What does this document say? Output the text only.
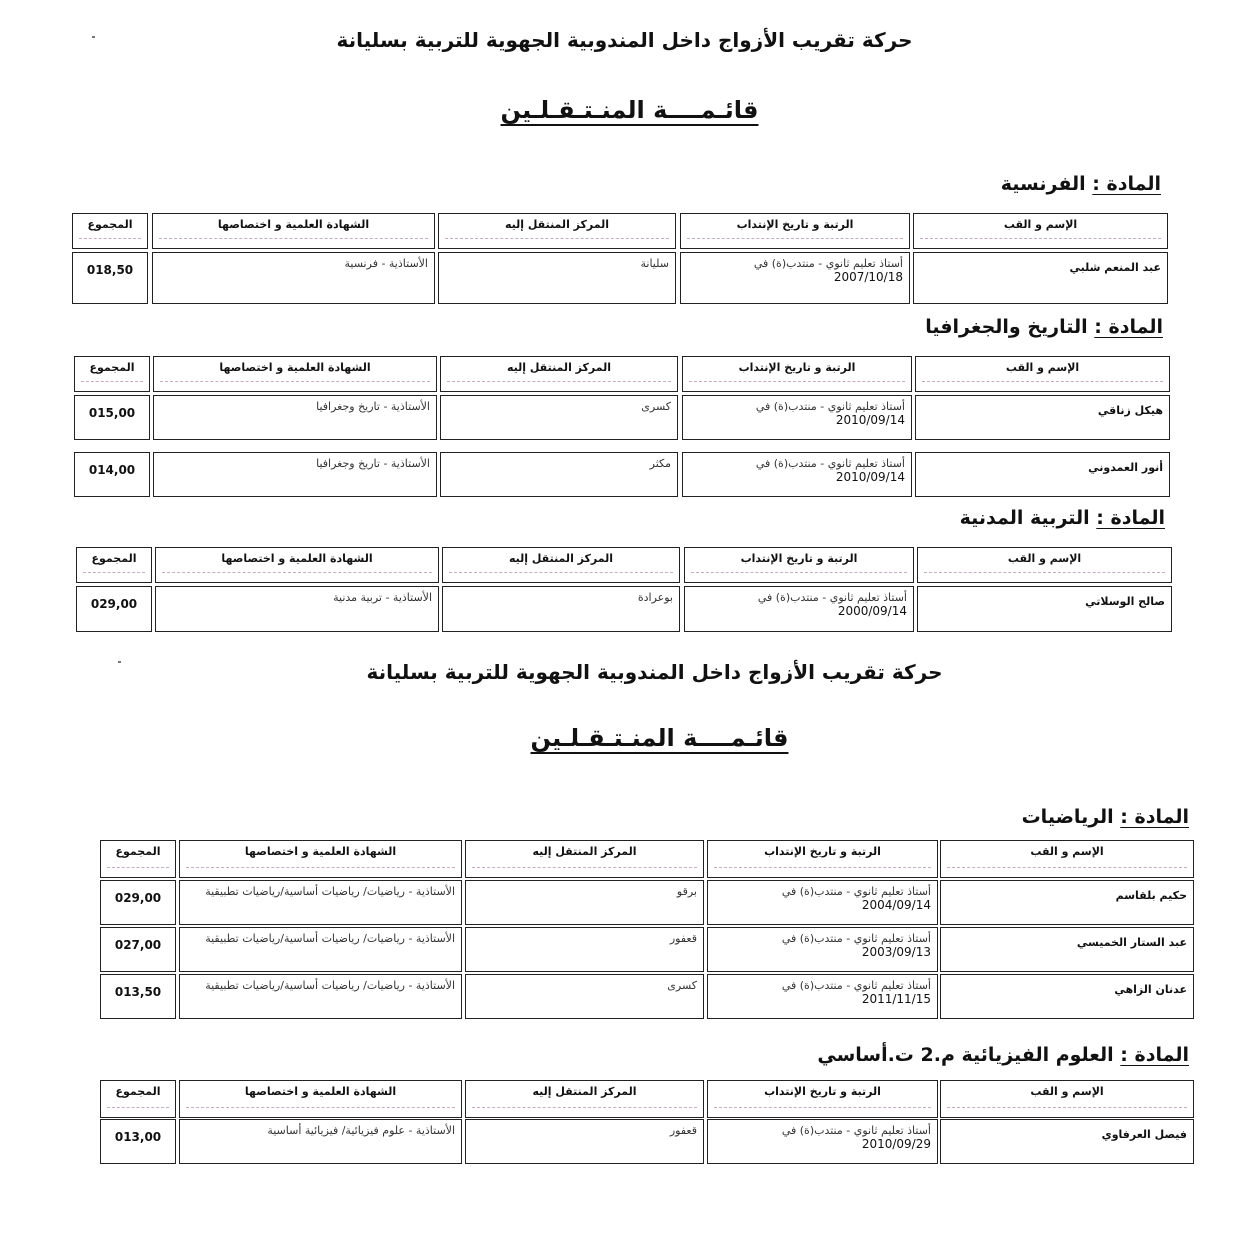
حركة تقريب الأزواج داخل المندوبية الجهوية للتربية بسليانة

قائـمــــة المنـتـقـلـين

حركة تقريب الأزواج داخل المندوبية الجهوية للتربية بسليانة

قائـمــــة المنـتـقـلـين

المادة : الفرنسية
الإسم و القب
الرتبة و تاريخ الإنتداب
المركز المنتقل إليه
الشهادة العلمية و اختصاصها
المجموع
عبد المنعم شلبي
أستاذ تعليم ثانوي - منتدب(ة) في 2007/10/18
سليانة
الأستاذية - فرنسية
018,50
المادة : التاريخ والجغرافيا
الإسم و القب
الرتبة و تاريخ الإنتداب
المركز المنتقل إليه
الشهادة العلمية و اختصاصها
المجموع
هيكل زناقي
أستاذ تعليم ثانوي - منتدب(ة) في 2010/09/14
كسرى
الأستاذية - تاريخ وجغرافيا
015,00
أنور العمدوني
أستاذ تعليم ثانوي - منتدب(ة) في 2010/09/14
مكثر
الأستاذية - تاريخ وجغرافيا
014,00
المادة : التربية المدنية
الإسم و القب
الرتبة و تاريخ الإنتداب
المركز المنتقل إليه
الشهادة العلمية و اختصاصها
المجموع
صالح الوسلاتي
أستاذ تعليم ثانوي - منتدب(ة) في 2000/09/14
بوعرادة
الأستاذية - تربية مدنية
029,00
المادة : الرياضيات
الإسم و القب
الرتبة و تاريخ الإنتداب
المركز المنتقل إليه
الشهادة العلمية و اختصاصها
المجموع
حكيم بلقاسم
أستاذ تعليم ثانوي - منتدب(ة) في 2004/09/14
برقو
الأستاذية - رياضيات/ رياضيات أساسية/رياضيات تطبيقية
029,00
عبد الستار الخميسي
أستاذ تعليم ثانوي - منتدب(ة) في 2003/09/13
قعفور
الأستاذية - رياضيات/ رياضيات أساسية/رياضيات تطبيقية
027,00
عدنان الزاهي
أستاذ تعليم ثانوي - منتدب(ة) في 2011/11/15
كسرى
الأستاذية - رياضيات/ رياضيات أساسية/رياضيات تطبيقية
013,50
المادة : العلوم الفيزيائية م.2 ت.أساسي
الإسم و القب
الرتبة و تاريخ الإنتداب
المركز المنتقل إليه
الشهادة العلمية و اختصاصها
المجموع
فيصل العرفاوي
أستاذ تعليم ثانوي - منتدب(ة) في 2010/09/29
قعفور
الأستاذية - علوم فيزيائية/ فيزيائية أساسية
013,00
